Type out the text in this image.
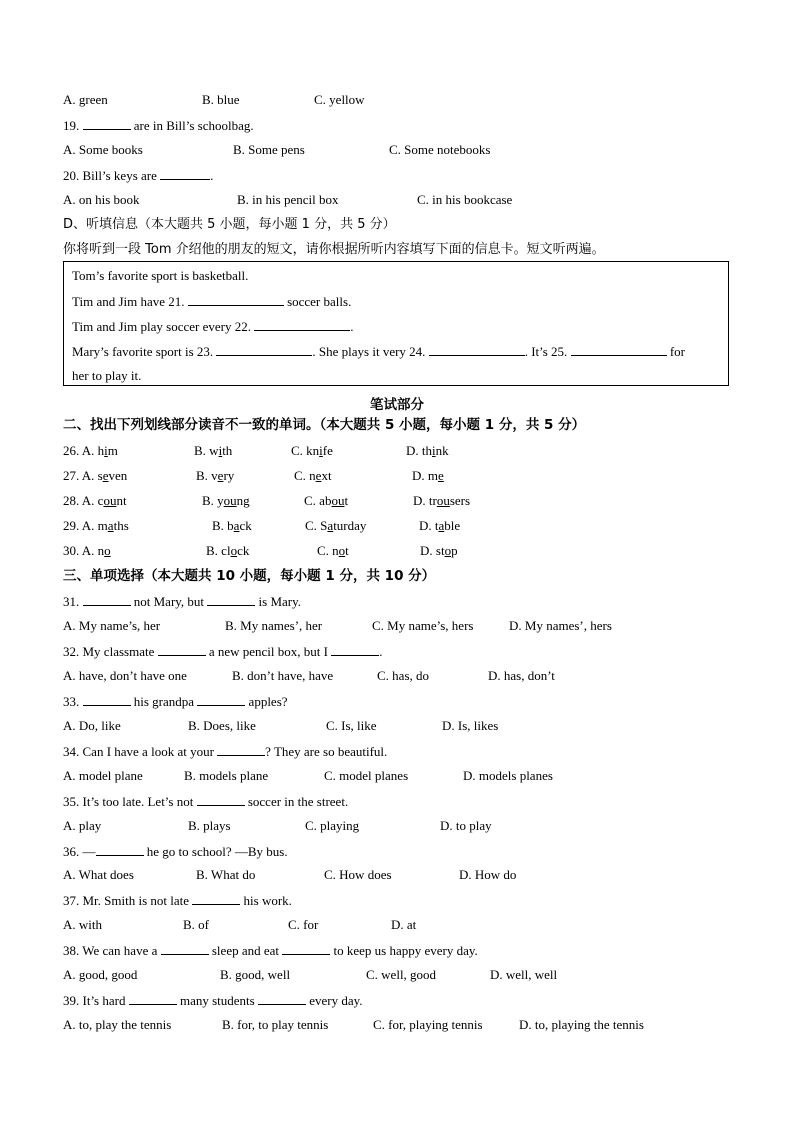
A. green	B. blue	C. yellow
19.	are in Bill’s schoolbag.
A. Some books	B. Some pens	C. Some notebooks
20. Bill’s keys are	.
A. on his book	B. in his pencil box	C. in his bookcase
D、听填信息（本大题共 5 小题，每小题 1 分，共 5 分）
你将听到一段 Tom 介绍他的朋友的短文，请你根据所听内容填写下面的信息卡。短文听两遍。
Tom’s favorite sport is basketball.
Tim and Jim have 21.	soccer balls.
Tim and Jim play soccer every 22.	.
Mary’s favorite sport is 23.	. She plays it very 24.	. It’s 25.	for
her to play it.
笔试部分
二、找出下列划线部分读音不一致的单词。（本大题共 5 小题，每小题 1 分，共 5 分）
26. A. him	B. with	C. knife	D. think
27. A. seven	B. very	C. next	D. me
28. A. count	B. young	C. about	D. trousers
29. A. maths	B. back	C. Saturday	D. table
30. A. no	B. clock	C. not	D. stop
三、单项选择（本大题共 10 小题，每小题 1 分，共 10 分）
31.	not Mary, but	is Mary.
A. My name’s, her	B. My names’, her	C. My name’s, hers	D. My names’, hers
32. My classmate	a new pencil box, but I	.
A. have, don’t have one	B. don’t have, have	C. has, do	D. has, don’t
33.	his grandpa	apples?
A. Do, like	B. Does, like	C. Is, like	D. Is, likes
34. Can I have a look at your	? They are so beautiful.
A. model plane	B. models plane	C. model planes	D. models planes
35. It’s too late. Let’s not	soccer in the street.
A. play	B. plays	C. playing	D. to play
36. —	he go to school? —By bus.
A. What does	B. What do	C. How does	D. How do
37. Mr. Smith is not late	his work.
A. with	B. of	C. for	D. at
38. We can have a	sleep and eat	to keep us happy every day.
A. good, good	B. good, well	C. well, good	D. well, well
39. It’s hard	many students	every day.
A. to, play the tennis	B. for, to play tennis	C. for, playing tennis	D. to, playing the tennis
